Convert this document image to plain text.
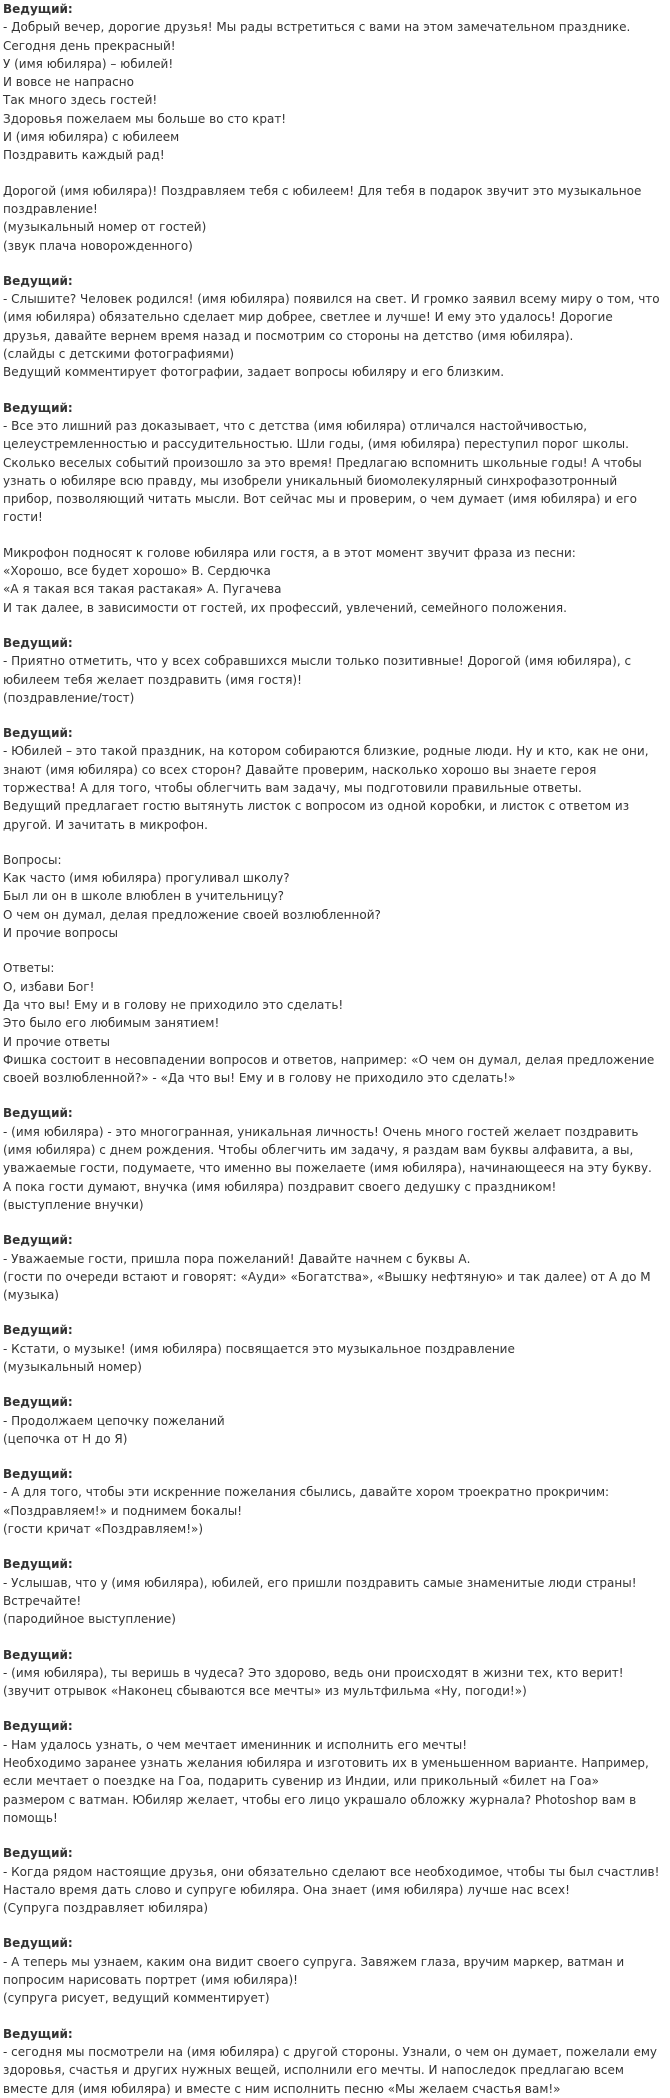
Ведущий:
- Добрый вечер, дорогие друзья! Мы рады встретиться с вами на этом замечательном празднике.
Сегодня день прекрасный!
У (имя юбиляра) – юбилей!
И вовсе не напрасно
Так много здесь гостей!
Здоровья пожелаем мы больше во сто крат!
И (имя юбиляра) с юбилеем
Поздравить каждый рад!
Дорогой (имя юбиляра)! Поздравляем тебя с юбилеем! Для тебя в подарок звучит это музыкальное поздравление!
(музыкальный номер от гостей)
(звук плача новорожденного)
Ведущий:
- Слышите? Человек родился! (имя юбиляра) появился на свет. И громко заявил всему миру о том, что (имя юбиляра) обязательно сделает мир добрее, светлее и лучше! И ему это удалось! Дорогие друзья, давайте вернем время назад и посмотрим со стороны на детство (имя юбиляра).
(слайды с детскими фотографиями)
Ведущий комментирует фотографии, задает вопросы юбиляру и его близким.
Ведущий:
- Все это лишний раз доказывает, что с детства (имя юбиляра) отличался настойчивостью, целеустремленностью и рассудительностью. Шли годы, (имя юбиляра) переступил порог школы. Сколько веселых событий произошло за это время! Предлагаю вспомнить школьные годы! А чтобы узнать о юбиляре всю правду, мы изобрели уникальный биомолекулярный синхрофазотронный прибор, позволяющий читать мысли. Вот сейчас мы и проверим, о чем думает (имя юбиляра) и его гости!
Микрофон подносят к голове юбиляра или гостя, а в этот момент звучит фраза из песни:
«Хорошо, все будет хорошо» В. Сердючка
«А я такая вся такая растакая» А. Пугачева
И так далее, в зависимости от гостей, их профессий, увлечений, семейного положения.
Ведущий:
- Приятно отметить, что у всех собравшихся мысли только позитивные! Дорогой (имя юбиляра), с юбилеем тебя желает поздравить (имя гостя)!
(поздравление/тост)
Ведущий:
- Юбилей – это такой праздник, на котором собираются близкие, родные люди. Ну и кто, как не они, знают (имя юбиляра) со всех сторон? Давайте проверим, насколько хорошо вы знаете героя торжества! А для того, чтобы облегчить вам задачу, мы подготовили правильные ответы.
Ведущий предлагает гостю вытянуть листок с вопросом из одной коробки, и листок с ответом из другой. И зачитать в микрофон.
Вопросы:
Как часто (имя юбиляра) прогуливал школу?
Был ли он в школе влюблен в учительницу?
О чем он думал, делая предложение своей возлюбленной?
И прочие вопросы
Ответы:
О, избави Бог!
Да что вы! Ему и в голову не приходило это сделать!
Это было его любимым занятием!
И прочие ответы
Фишка состоит в несовпадении вопросов и ответов, например: «О чем он думал, делая предложение своей возлюбленной?» - «Да что вы! Ему и в голову не приходило это сделать!»
Ведущий:
- (имя юбиляра) - это многогранная, уникальная личность! Очень много гостей желает поздравить (имя юбиляра) с днем рождения. Чтобы облегчить им задачу, я раздам вам буквы алфавита, а вы, уважаемые гости, подумаете, что именно вы пожелаете (имя юбиляра), начинающееся на эту букву.
А пока гости думают, внучка (имя юбиляра) поздравит своего дедушку с праздником!
(выступление внучки)
Ведущий:
- Уважаемые гости, пришла пора пожеланий! Давайте начнем с буквы А.
(гости по очереди встают и говорят: «Ауди» «Богатства», «Вышку нефтяную» и так далее) от А до М
(музыка)
Ведущий:
- Кстати, о музыке! (имя юбиляра) посвящается это музыкальное поздравление
(музыкальный номер)
Ведущий:
- Продолжаем цепочку пожеланий
(цепочка от Н до Я)
Ведущий:
- А для того, чтобы эти искренние пожелания сбылись, давайте хором троекратно прокричим: «Поздравляем!» и поднимем бокалы!
(гости кричат «Поздравляем!»)
Ведущий:
- Услышав, что у (имя юбиляра), юбилей, его пришли поздравить самые знаменитые люди страны! Встречайте!
(пародийное выступление)
Ведущий:
- (имя юбиляра), ты веришь в чудеса? Это здорово, ведь они происходят в жизни тех, кто верит!
(звучит отрывок «Наконец сбываются все мечты» из мультфильма «Ну, погоди!»)
Ведущий:
- Нам удалось узнать, о чем мечтает именинник и исполнить его мечты!
Необходимо заранее узнать желания юбиляра и изготовить их в уменьшенном варианте. Например, если мечтает о поездке на Гоа, подарить сувенир из Индии, или прикольный «билет на Гоа» размером с ватман. Юбиляр желает, чтобы его лицо украшало обложку журнала? Photoshop вам в помощь!
Ведущий:
- Когда рядом настоящие друзья, они обязательно сделают все необходимое, чтобы ты был счастлив! Настало время дать слово и супруге юбиляра. Она знает (имя юбиляра) лучше нас всех!
(Супруга поздравляет юбиляра)
Ведущий:
- А теперь мы узнаем, каким она видит своего супруга. Завяжем глаза, вручим маркер, ватман и попросим нарисовать портрет (имя юбиляра)!
(супруга рисует, ведущий комментирует)
Ведущий:
- сегодня мы посмотрели на (имя юбиляра) с другой стороны. Узнали, о чем он думает, пожелали ему здоровья, счастья и других нужных вещей, исполнили его мечты. И напоследок предлагаю всем вместе для (имя юбиляра) и вместе с ним исполнить песню «Мы желаем счастья вам!»
